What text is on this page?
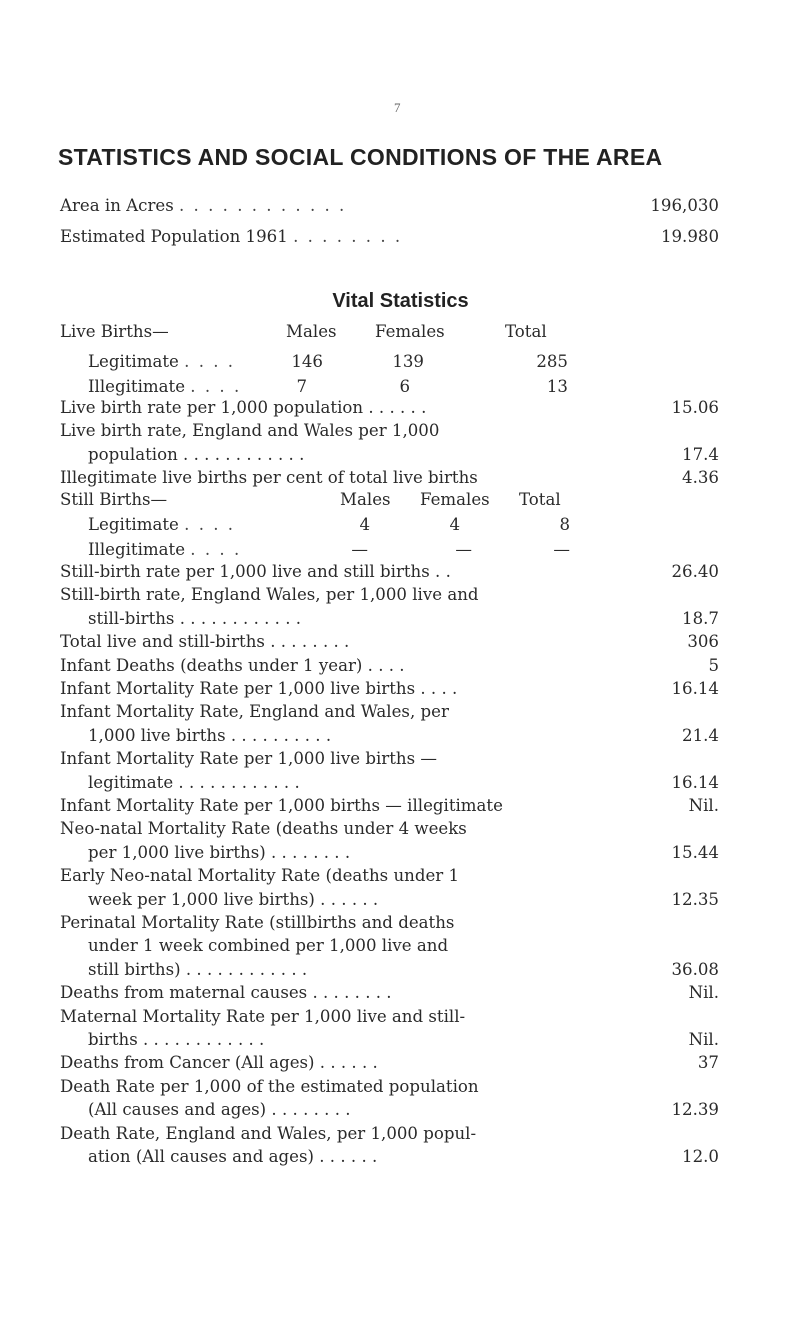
7
STATISTICS AND SOCIAL CONDITIONS OF THE AREA
Area in Acres . . . . . . . . . . . .	196,030
Estimated Population 1961 . . . . . . . .	19.980
Vital Statistics
Live Births—	Males Females	Total
Legitimate . . . .	146	139	285
Illegitimate . . . .	7	6	13
Live birth rate per 1,000 population . . . . . .	15.06
Live birth rate, England and Wales per 1,000
population . . . . . . . . . . . .	17.4
Illegitimate live births per cent of total live births	4.36
Still Births—	Males Females Total
Legitimate . . . .	4	4	8
Illegitimate . . . .	—	—	—
Still-birth rate per 1,000 live and still births . .	26.40
Still-birth rate, England Wales, per 1,000 live and
still-births . . . . . . . . . . . .	18.7
Total live and still-births . . . . . . . .	306
Infant Deaths (deaths under 1 year) . . . .	5
Infant Mortality Rate per 1,000 live births . . . .	16.14
Infant Mortality Rate, England and Wales, per
1,000 live births . . . . . . . . . .	21.4
Infant Mortality Rate per 1,000 live births —
legitimate . . . . . . . . . . . .	16.14
Infant Mortality Rate per 1,000 births — illegitimate	Nil.
Neo-natal Mortality Rate (deaths under 4 weeks
per 1,000 live births) . . . . . . . .	15.44
Early Neo-natal Mortality Rate (deaths under 1
week per 1,000 live births) . . . . . .	12.35
Perinatal Mortality Rate (stillbirths and deaths
under 1 week combined per 1,000 live and
still births) . . . . . . . . . . . .	36.08
Deaths from maternal causes . . . . . . . .	Nil.
Maternal Mortality Rate per 1,000 live and still-
births . . . . . . . . . . . .	Nil.
Deaths from Cancer (All ages) . . . . . .	37
Death Rate per 1,000 of the estimated population
(All causes and ages) . . . . . . . .	12.39
Death Rate, England and Wales, per 1,000 popul-
ation (All causes and ages) . . . . . .	12.0
